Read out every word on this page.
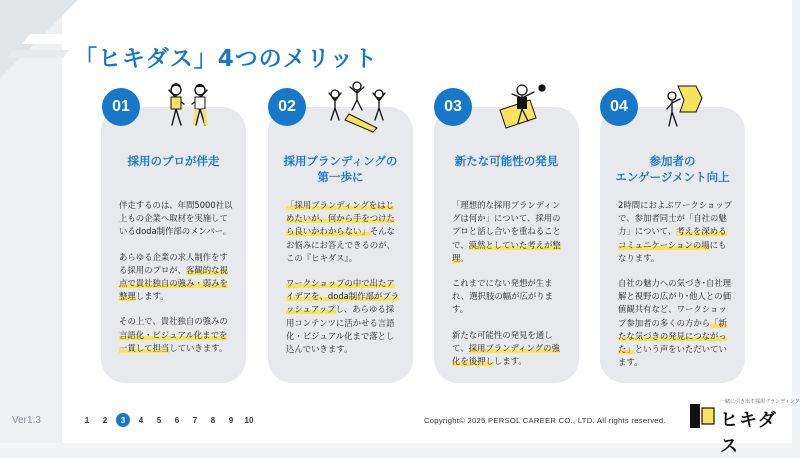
「ヒキダス」4つのメリット
採用のプロが伴走

伴走するのは、年間5000社以上もの企業へ取材を実施しているdoda制作部のメンバー。

あらゆる企業の求人制作をする採用のプロが、客観的な視点で貴社独自の強み・弱みを整理します。

その上で、貴社独自の強みの言語化・ビジュアル化までを一貫して担当していきます。

採用ブランディングの
第一歩に

「採用ブランディングをはじめたいが、何から手をつけたら良いかわからない」そんなお悩みにお答えできるのが、この『ヒキダス』。

ワークショップの中で出たアイデアを、doda制作部がブラッシュアップし、あらゆる採用コンテンツに活かせる言語化・ビジュアル化まで落とし込んでいきます。

新たな可能性の発見

「理想的な採用ブランディングは何か」について、採用のプロと話し合いを重ねることで、漠然としていた考えが整理。

これまでにない発想が生まれ、選択肢の幅が広がります。

新たな可能性の発見を通して、採用ブランディングの強化を後押しします。

参加者の
エンゲージメント向上

2時間におよぶワークショップで、参加者同士が「自社の魅力」について、考えを深めるコミュニケーションの場にもなります。

自社の魅力への気づき･自社理解と視野の広がり･他人との価値観共有など、ワークショップ参加者の多くの方から「新たな気づきの発見につながった」という声をいただいています。

01	02	03	04
Ver1.3	1	2	3	4	5	6	7	8	9	10	Copyright© 2025 PERSOL CAREER CO., LTD. All rights reserved.
一緒に引き出す採用ブランディング
ヒキダス
